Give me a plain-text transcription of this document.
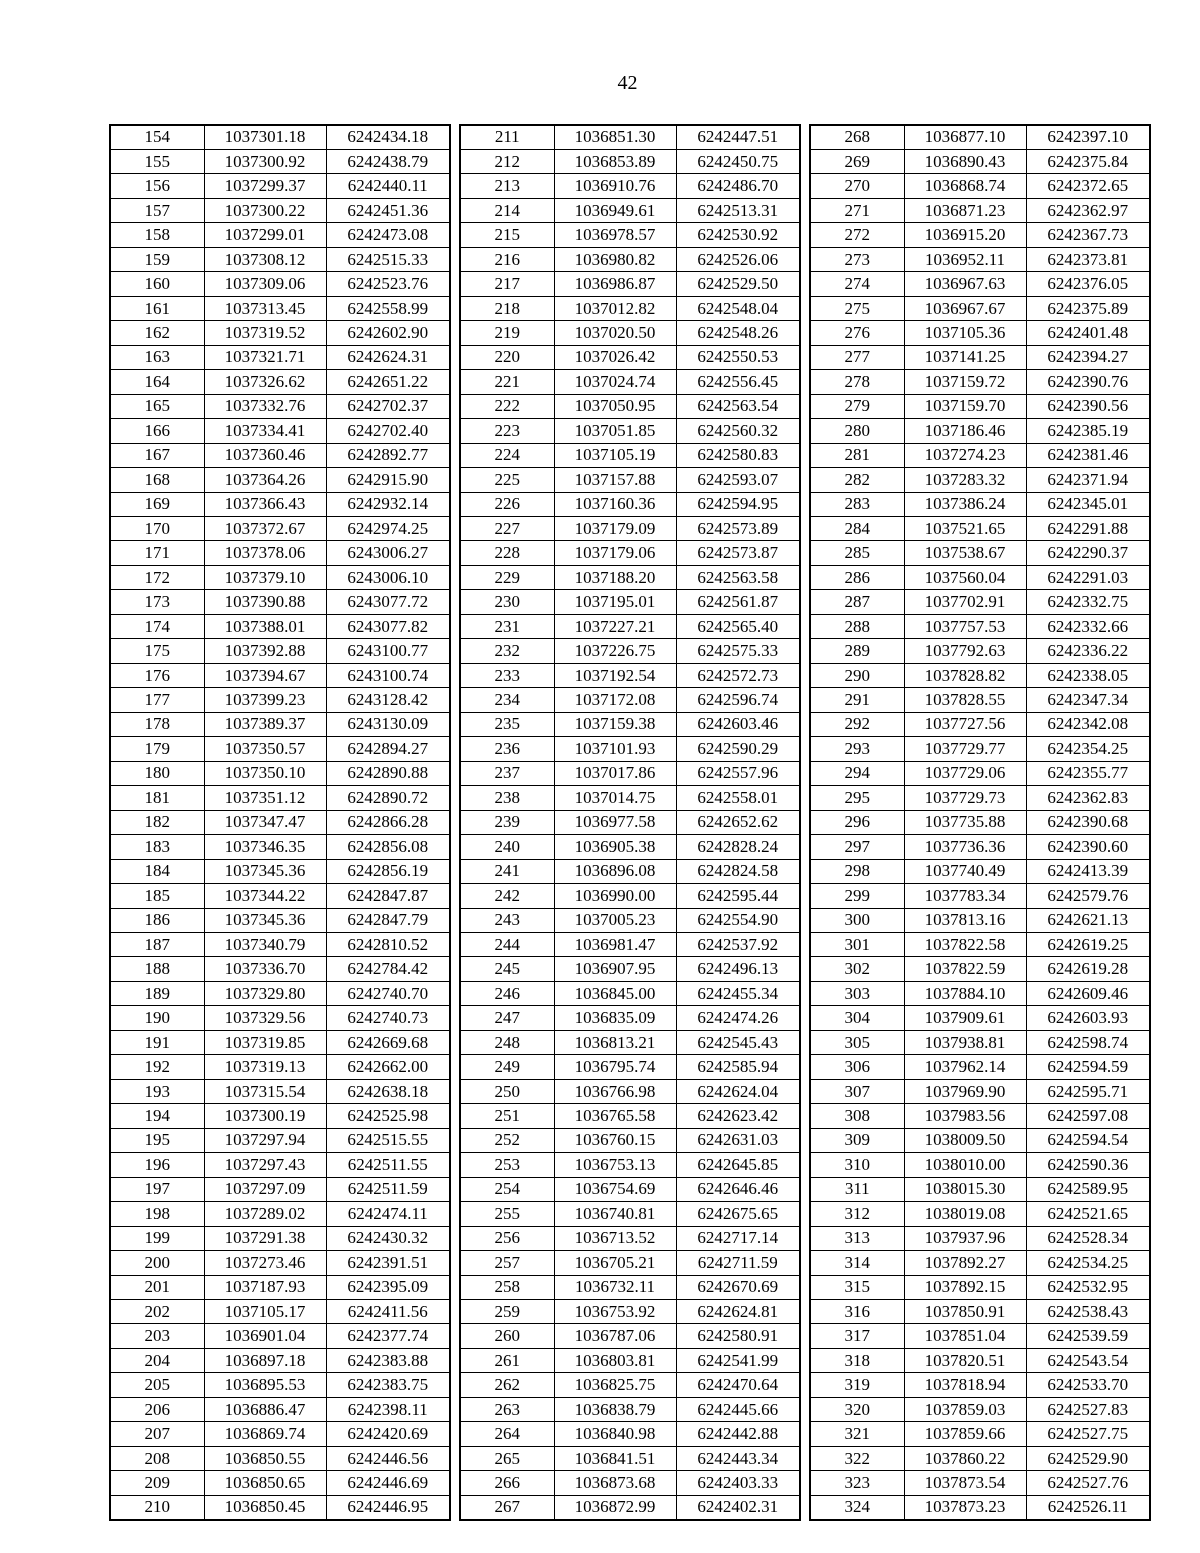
42
154	1037301.18	6242434.18
155	1037300.92	6242438.79
156	1037299.37	6242440.11
157	1037300.22	6242451.36
158	1037299.01	6242473.08
159	1037308.12	6242515.33
160	1037309.06	6242523.76
161	1037313.45	6242558.99
162	1037319.52	6242602.90
163	1037321.71	6242624.31
164	1037326.62	6242651.22
165	1037332.76	6242702.37
166	1037334.41	6242702.40
167	1037360.46	6242892.77
168	1037364.26	6242915.90
169	1037366.43	6242932.14
170	1037372.67	6242974.25
171	1037378.06	6243006.27
172	1037379.10	6243006.10
173	1037390.88	6243077.72
174	1037388.01	6243077.82
175	1037392.88	6243100.77
176	1037394.67	6243100.74
177	1037399.23	6243128.42
178	1037389.37	6243130.09
179	1037350.57	6242894.27
180	1037350.10	6242890.88
181	1037351.12	6242890.72
182	1037347.47	6242866.28
183	1037346.35	6242856.08
184	1037345.36	6242856.19
185	1037344.22	6242847.87
186	1037345.36	6242847.79
187	1037340.79	6242810.52
188	1037336.70	6242784.42
189	1037329.80	6242740.70
190	1037329.56	6242740.73
191	1037319.85	6242669.68
192	1037319.13	6242662.00
193	1037315.54	6242638.18
194	1037300.19	6242525.98
195	1037297.94	6242515.55
196	1037297.43	6242511.55
197	1037297.09	6242511.59
198	1037289.02	6242474.11
199	1037291.38	6242430.32
200	1037273.46	6242391.51
201	1037187.93	6242395.09
202	1037105.17	6242411.56
203	1036901.04	6242377.74
204	1036897.18	6242383.88
205	1036895.53	6242383.75
206	1036886.47	6242398.11
207	1036869.74	6242420.69
208	1036850.55	6242446.56
209	1036850.65	6242446.69
210	1036850.45	6242446.95
211	1036851.30	6242447.51
212	1036853.89	6242450.75
213	1036910.76	6242486.70
214	1036949.61	6242513.31
215	1036978.57	6242530.92
216	1036980.82	6242526.06
217	1036986.87	6242529.50
218	1037012.82	6242548.04
219	1037020.50	6242548.26
220	1037026.42	6242550.53
221	1037024.74	6242556.45
222	1037050.95	6242563.54
223	1037051.85	6242560.32
224	1037105.19	6242580.83
225	1037157.88	6242593.07
226	1037160.36	6242594.95
227	1037179.09	6242573.89
228	1037179.06	6242573.87
229	1037188.20	6242563.58
230	1037195.01	6242561.87
231	1037227.21	6242565.40
232	1037226.75	6242575.33
233	1037192.54	6242572.73
234	1037172.08	6242596.74
235	1037159.38	6242603.46
236	1037101.93	6242590.29
237	1037017.86	6242557.96
238	1037014.75	6242558.01
239	1036977.58	6242652.62
240	1036905.38	6242828.24
241	1036896.08	6242824.58
242	1036990.00	6242595.44
243	1037005.23	6242554.90
244	1036981.47	6242537.92
245	1036907.95	6242496.13
246	1036845.00	6242455.34
247	1036835.09	6242474.26
248	1036813.21	6242545.43
249	1036795.74	6242585.94
250	1036766.98	6242624.04
251	1036765.58	6242623.42
252	1036760.15	6242631.03
253	1036753.13	6242645.85
254	1036754.69	6242646.46
255	1036740.81	6242675.65
256	1036713.52	6242717.14
257	1036705.21	6242711.59
258	1036732.11	6242670.69
259	1036753.92	6242624.81
260	1036787.06	6242580.91
261	1036803.81	6242541.99
262	1036825.75	6242470.64
263	1036838.79	6242445.66
264	1036840.98	6242442.88
265	1036841.51	6242443.34
266	1036873.68	6242403.33
267	1036872.99	6242402.31
268	1036877.10	6242397.10
269	1036890.43	6242375.84
270	1036868.74	6242372.65
271	1036871.23	6242362.97
272	1036915.20	6242367.73
273	1036952.11	6242373.81
274	1036967.63	6242376.05
275	1036967.67	6242375.89
276	1037105.36	6242401.48
277	1037141.25	6242394.27
278	1037159.72	6242390.76
279	1037159.70	6242390.56
280	1037186.46	6242385.19
281	1037274.23	6242381.46
282	1037283.32	6242371.94
283	1037386.24	6242345.01
284	1037521.65	6242291.88
285	1037538.67	6242290.37
286	1037560.04	6242291.03
287	1037702.91	6242332.75
288	1037757.53	6242332.66
289	1037792.63	6242336.22
290	1037828.82	6242338.05
291	1037828.55	6242347.34
292	1037727.56	6242342.08
293	1037729.77	6242354.25
294	1037729.06	6242355.77
295	1037729.73	6242362.83
296	1037735.88	6242390.68
297	1037736.36	6242390.60
298	1037740.49	6242413.39
299	1037783.34	6242579.76
300	1037813.16	6242621.13
301	1037822.58	6242619.25
302	1037822.59	6242619.28
303	1037884.10	6242609.46
304	1037909.61	6242603.93
305	1037938.81	6242598.74
306	1037962.14	6242594.59
307	1037969.90	6242595.71
308	1037983.56	6242597.08
309	1038009.50	6242594.54
310	1038010.00	6242590.36
311	1038015.30	6242589.95
312	1038019.08	6242521.65
313	1037937.96	6242528.34
314	1037892.27	6242534.25
315	1037892.15	6242532.95
316	1037850.91	6242538.43
317	1037851.04	6242539.59
318	1037820.51	6242543.54
319	1037818.94	6242533.70
320	1037859.03	6242527.83
321	1037859.66	6242527.75
322	1037860.22	6242529.90
323	1037873.54	6242527.76
324	1037873.23	6242526.11
